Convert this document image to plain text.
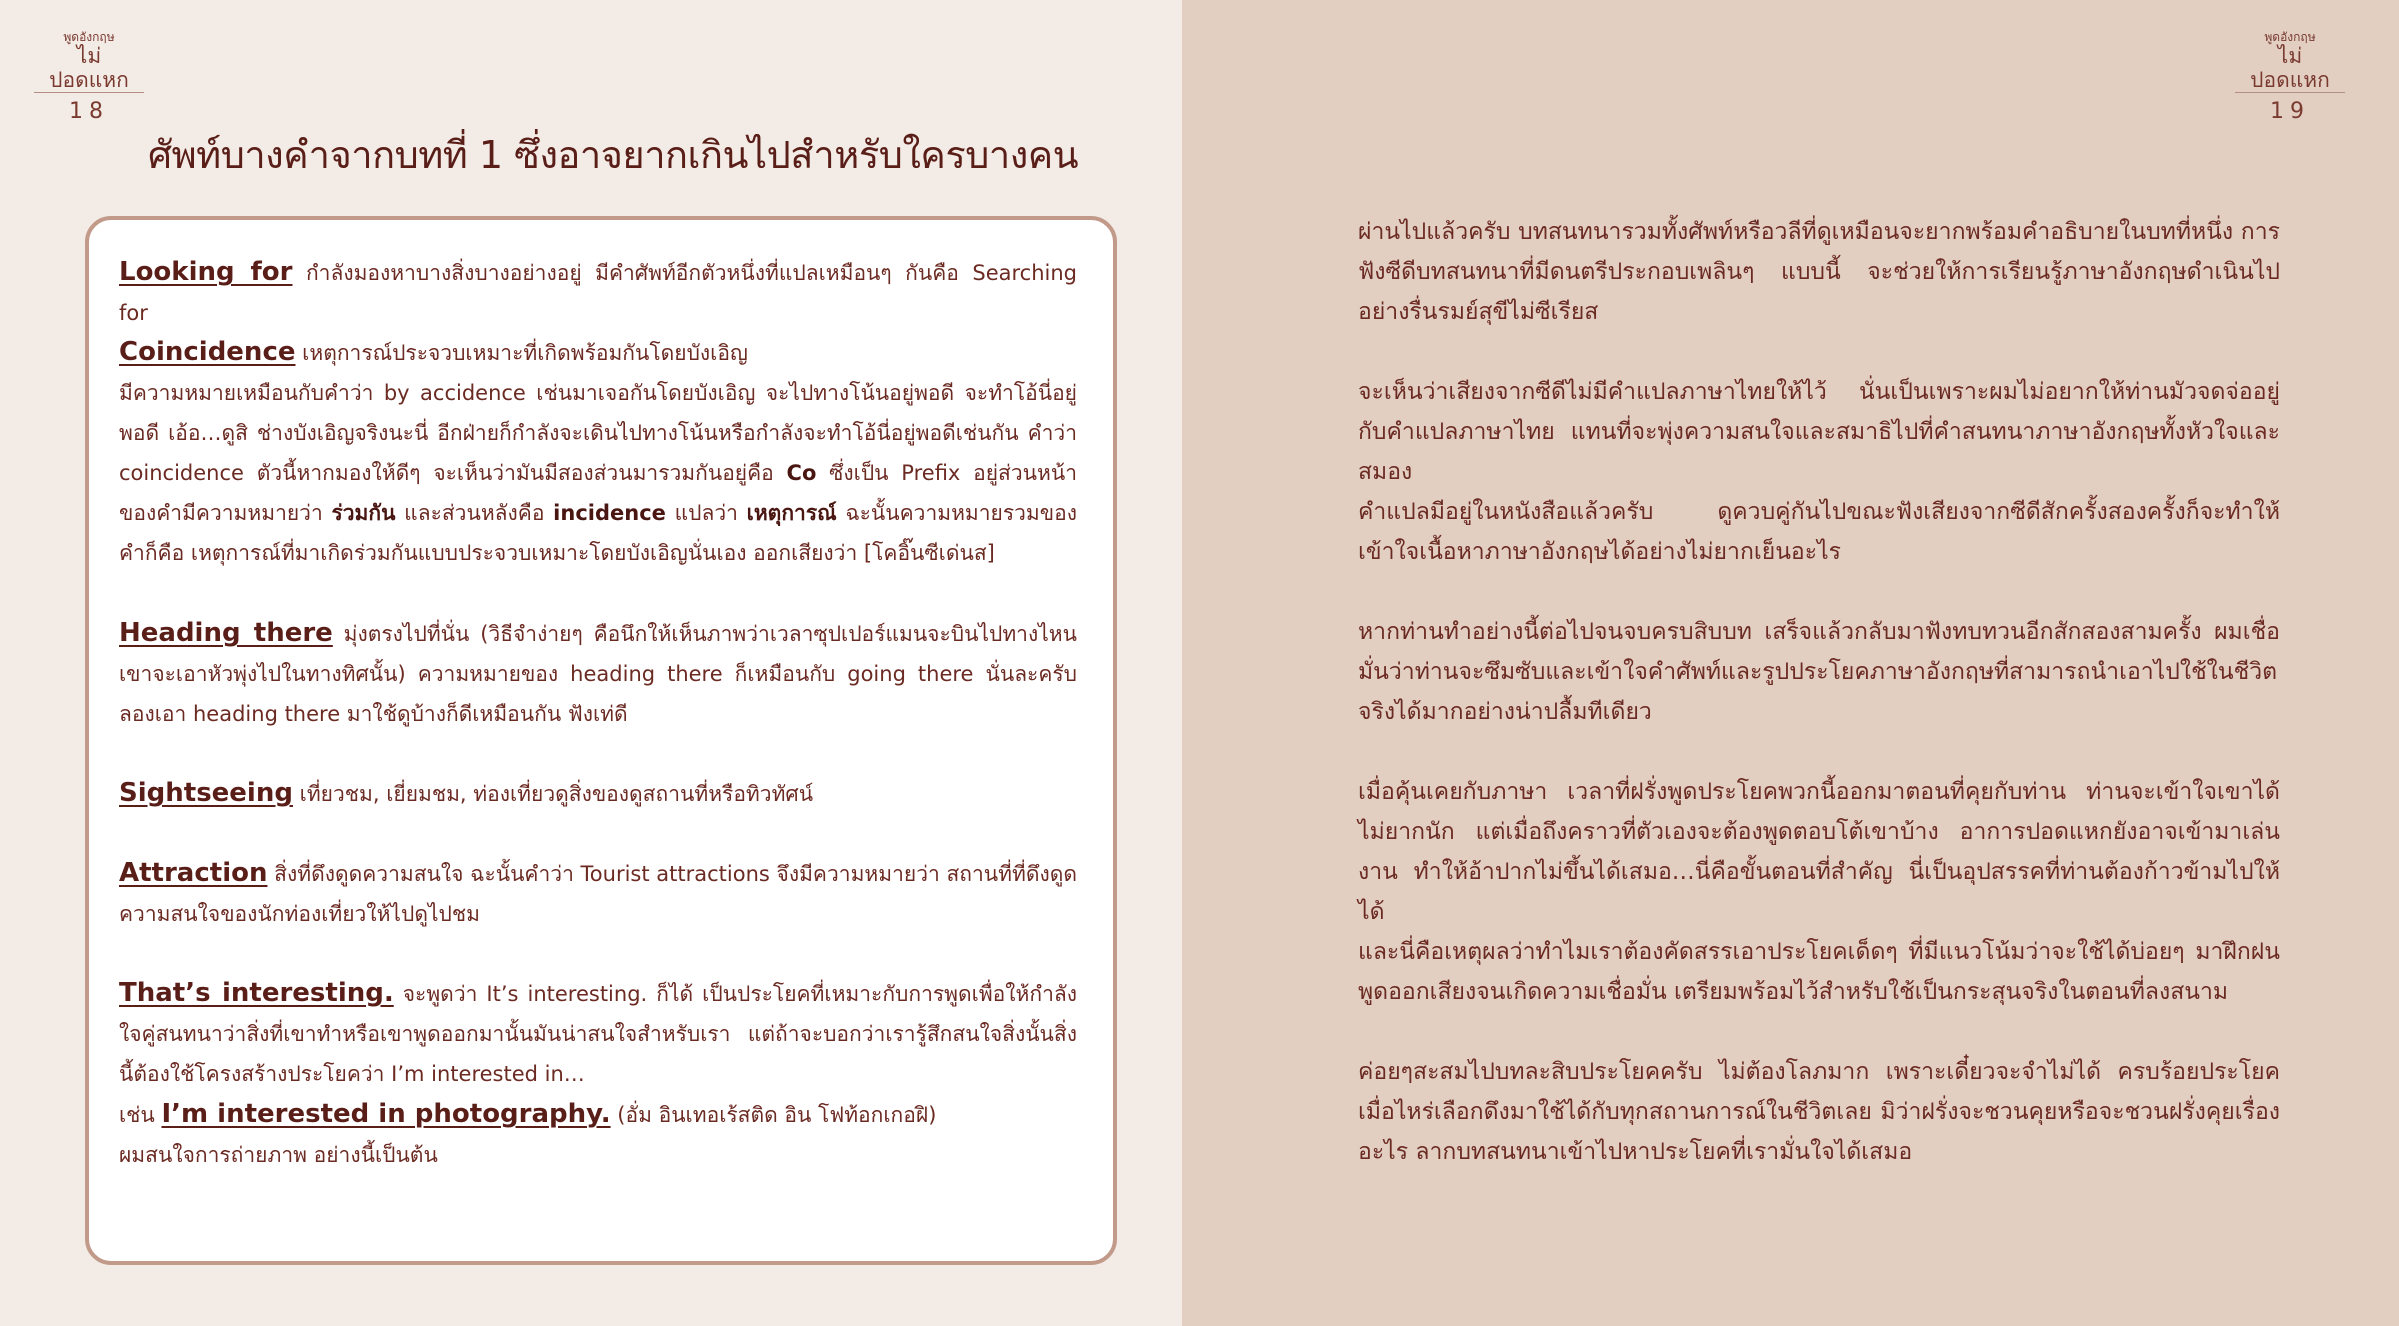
พูดอังกฤษ
ไม่ปอดแหก
18
ศัพท์บางคำจากบทที่ 1 ซึ่งอาจยากเกินไปสำหรับใครบางคน

Looking for กำลังมองหาบางสิ่งบางอย่างอยู่ มีคำศัพท์อีกตัวหนึ่งที่แปลเหมือนๆ กันคือ Searching for

Coincidence เหตุการณ์ประจวบเหมาะที่เกิดพร้อมกันโดยบังเอิญ

มีความหมายเหมือนกับคำว่า by accidence เช่นมาเจอกันโดยบังเอิญ จะไปทางโน้นอยู่พอดี จะทำโอ้นี่อยู่พอดี เอ้อ…ดูสิ ช่างบังเอิญจริงนะนี่ อีกฝ่ายก็กำลังจะเดินไปทางโน้นหรือกำลังจะทำโอ้นี่อยู่พอดีเช่นกัน คำว่า coincidence ตัวนี้หากมองให้ดีๆ จะเห็นว่ามันมีสองส่วนมารวมกันอยู่คือ Co ซึ่งเป็น Prefix อยู่ส่วนหน้าของคำมีความหมายว่า ร่วมกัน และส่วนหลังคือ incidence แปลว่า เหตุการณ์ ฉะนั้นความหมายรวมของคำก็คือ เหตุการณ์ที่มาเกิดร่วมกันแบบประจวบเหมาะโดยบังเอิญนั่นเอง ออกเสียงว่า [โคอิ๊นซีเด่นส]

Heading there มุ่งตรงไปที่นั่น (วิธีจำง่ายๆ คือนึกให้เห็นภาพว่าเวลาซุปเปอร์แมนจะบินไปทางไหน เขาจะเอาหัวพุ่งไปในทางทิศนั้น) ความหมายของ heading there ก็เหมือนกับ going there นั่นละครับ ลองเอา heading there มาใช้ดูบ้างก็ดีเหมือนกัน ฟังเท่ดี

Sightseeing เที่ยวชม, เยี่ยมชม, ท่องเที่ยวดูสิ่งของดูสถานที่หรือทิวทัศน์

Attraction สิ่งที่ดึงดูดความสนใจ ฉะนั้นคำว่า Tourist attractions จึงมีความหมายว่า สถานที่ที่ดึงดูดความสนใจของนักท่องเที่ยวให้ไปดูไปชม

That’s interesting. จะพูดว่า It’s interesting. ก็ได้ เป็นประโยคที่เหมาะกับการพูดเพื่อให้กำลังใจคู่สนทนาว่าสิ่งที่เขาทำหรือเขาพูดออกมานั้นมันน่าสนใจสำหรับเรา แต่ถ้าจะบอกว่าเรารู้สึกสนใจสิ่งนั้นสิ่งนี้ต้องใช้โครงสร้างประโยคว่า I’m interested in…

เช่น I’m interested in photography. (อั่ม อินเทอเร้สติด อิน โฟท้อกเกอฝิ)

ผมสนใจการถ่ายภาพ อย่างนี้เป็นต้น

พูดอังกฤษ
ไม่ปอดแหก
19

ผ่านไปแล้วครับ บทสนทนารวมทั้งศัพท์หรือวลีที่ดูเหมือนจะยากพร้อมคำอธิบายในบทที่หนึ่ง การฟังซีดีบทสนทนาที่มีดนตรีประกอบเพลินๆ แบบนี้ จะช่วยให้การเรียนรู้ภาษาอังกฤษดำเนินไปอย่างรื่นรมย์สุขีไม่ซีเรียส

จะเห็นว่าเสียงจากซีดีไม่มีคำแปลภาษาไทยให้ไว้ นั่นเป็นเพราะผมไม่อยากให้ท่านมัวจดจ่ออยู่กับคำแปลภาษาไทย แทนที่จะพุ่งความสนใจและสมาธิไปที่คำสนทนาภาษาอังกฤษทั้งหัวใจและสมอง

คำแปลมีอยู่ในหนังสือแล้วครับ ดูควบคู่กันไปขณะฟังเสียงจากซีดีสักครั้งสองครั้งก็จะทำให้เข้าใจเนื้อหาภาษาอังกฤษได้อย่างไม่ยากเย็นอะไร

หากท่านทำอย่างนี้ต่อไปจนจบครบสิบบท เสร็จแล้วกลับมาฟังทบทวนอีกสักสองสามครั้ง ผมเชื่อมั่นว่าท่านจะซึมซับและเข้าใจคำศัพท์และรูปประโยคภาษาอังกฤษที่สามารถนำเอาไปใช้ในชีวิตจริงได้มากอย่างน่าปลื้มทีเดียว

เมื่อคุ้นเคยกับภาษา เวลาที่ฝรั่งพูดประโยคพวกนี้ออกมาตอนที่คุยกับท่าน ท่านจะเข้าใจเขาได้ไม่ยากนัก แต่เมื่อถึงคราวที่ตัวเองจะต้องพูดตอบโต้เขาบ้าง อาการปอดแหกยังอาจเข้ามาเล่นงาน ทำให้อ้าปากไม่ขึ้นได้เสมอ…นี่คือขั้นตอนที่สำคัญ นี่เป็นอุปสรรคที่ท่านต้องก้าวข้ามไปให้ได้

และนี่คือเหตุผลว่าทำไมเราต้องคัดสรรเอาประโยคเด็ดๆ ที่มีแนวโน้มว่าจะใช้ได้บ่อยๆ มาฝึกฝนพูดออกเสียงจนเกิดความเชื่อมั่น เตรียมพร้อมไว้สำหรับใช้เป็นกระสุนจริงในตอนที่ลงสนาม

ค่อยๆสะสมไปบทละสิบประโยคครับ ไม่ต้องโลภมาก เพราะเดี๋ยวจะจำไม่ได้ ครบร้อยประโยคเมื่อไหร่เลือกดึงมาใช้ได้กับทุกสถานการณ์ในชีวิตเลย มิว่าฝรั่งจะชวนคุยหรือจะชวนฝรั่งคุยเรื่องอะไร ลากบทสนทนาเข้าไปหาประโยคที่เรามั่นใจได้เสมอ
